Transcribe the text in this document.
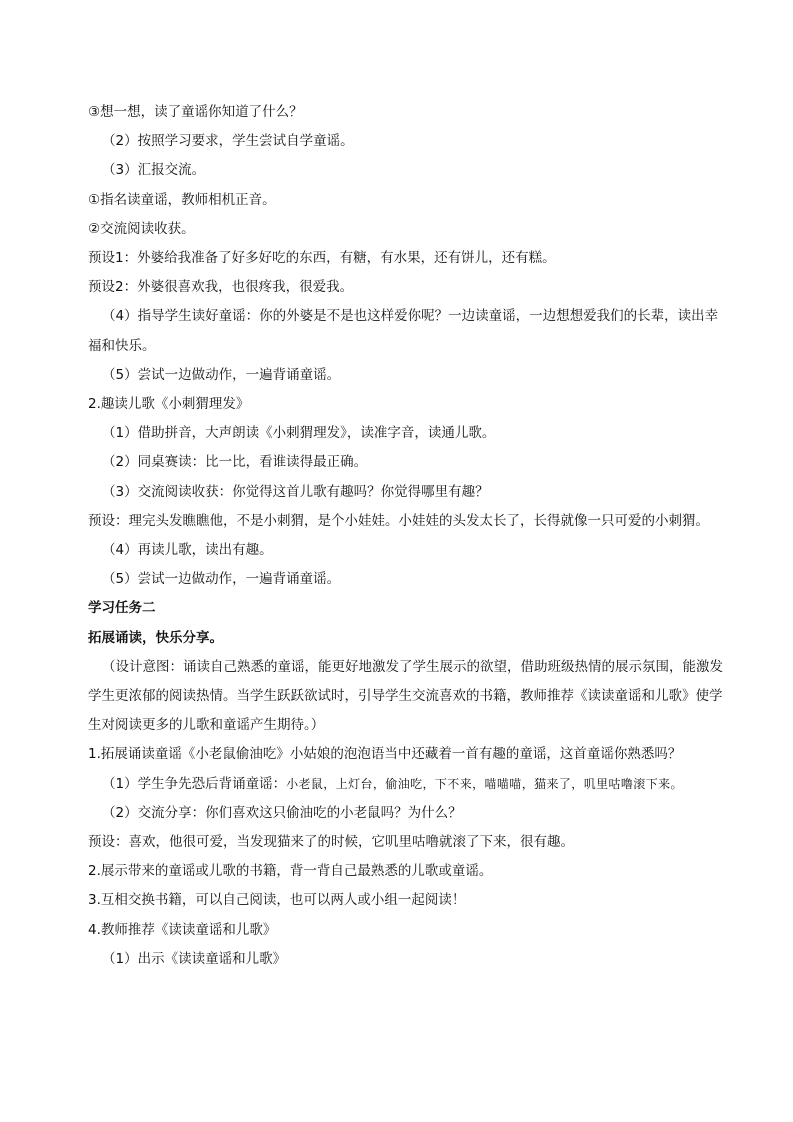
③想一想，读了童谣你知道了什么？

（2）按照学习要求，学生尝试自学童谣。

（3）汇报交流。

①指名读童谣，教师相机正音。

②交流阅读收获。

预设1：外婆给我准备了好多好吃的东西，有糖，有水果，还有饼儿，还有糕。

预设2：外婆很喜欢我，也很疼我，很爱我。

（4）指导学生读好童谣：你的外婆是不是也这样爱你呢？一边读童谣，一边想想爱我们的长辈，读出幸福和快乐。

（5）尝试一边做动作，一遍背诵童谣。

2.趣读儿歌《小刺猬理发》

（1）借助拼音，大声朗读《小刺猬理发》，读准字音，读通儿歌。

（2）同桌赛读：比一比，看谁读得最正确。

（3）交流阅读收获：你觉得这首儿歌有趣吗？你觉得哪里有趣？

预设：理完头发瞧瞧他，不是小刺猬，是个小娃娃。小娃娃的头发太长了，长得就像一只可爱的小刺猬。

（4）再读儿歌，读出有趣。

（5）尝试一边做动作，一遍背诵童谣。

学习任务二

拓展诵读，快乐分享。

（设计意图：诵读自己熟悉的童谣，能更好地激发了学生展示的欲望，借助班级热情的展示氛围，能激发学生更浓郁的阅读热情。当学生跃跃欲试时，引导学生交流喜欢的书籍，教师推荐《读读童谣和儿歌》使学生对阅读更多的儿歌和童谣产生期待。）

1.拓展诵读童谣《小老鼠偷油吃》小姑娘的泡泡语当中还藏着一首有趣的童谣，这首童谣你熟悉吗？

（1）学生争先恐后背诵童谣：小老鼠，上灯台，偷油吃，下不来，喵喵喵，猫来了，叽里咕噜滚下来。

（2）交流分享：你们喜欢这只偷油吃的小老鼠吗？为什么？

预设：喜欢，他很可爱，当发现猫来了的时候，它叽里咕噜就滚了下来，很有趣。

2.展示带来的童谣或儿歌的书籍，背一背自己最熟悉的儿歌或童谣。

3.互相交换书籍，可以自己阅读，也可以两人或小组一起阅读！

4.教师推荐《读读童谣和儿歌》

（1）出示《读读童谣和儿歌》
